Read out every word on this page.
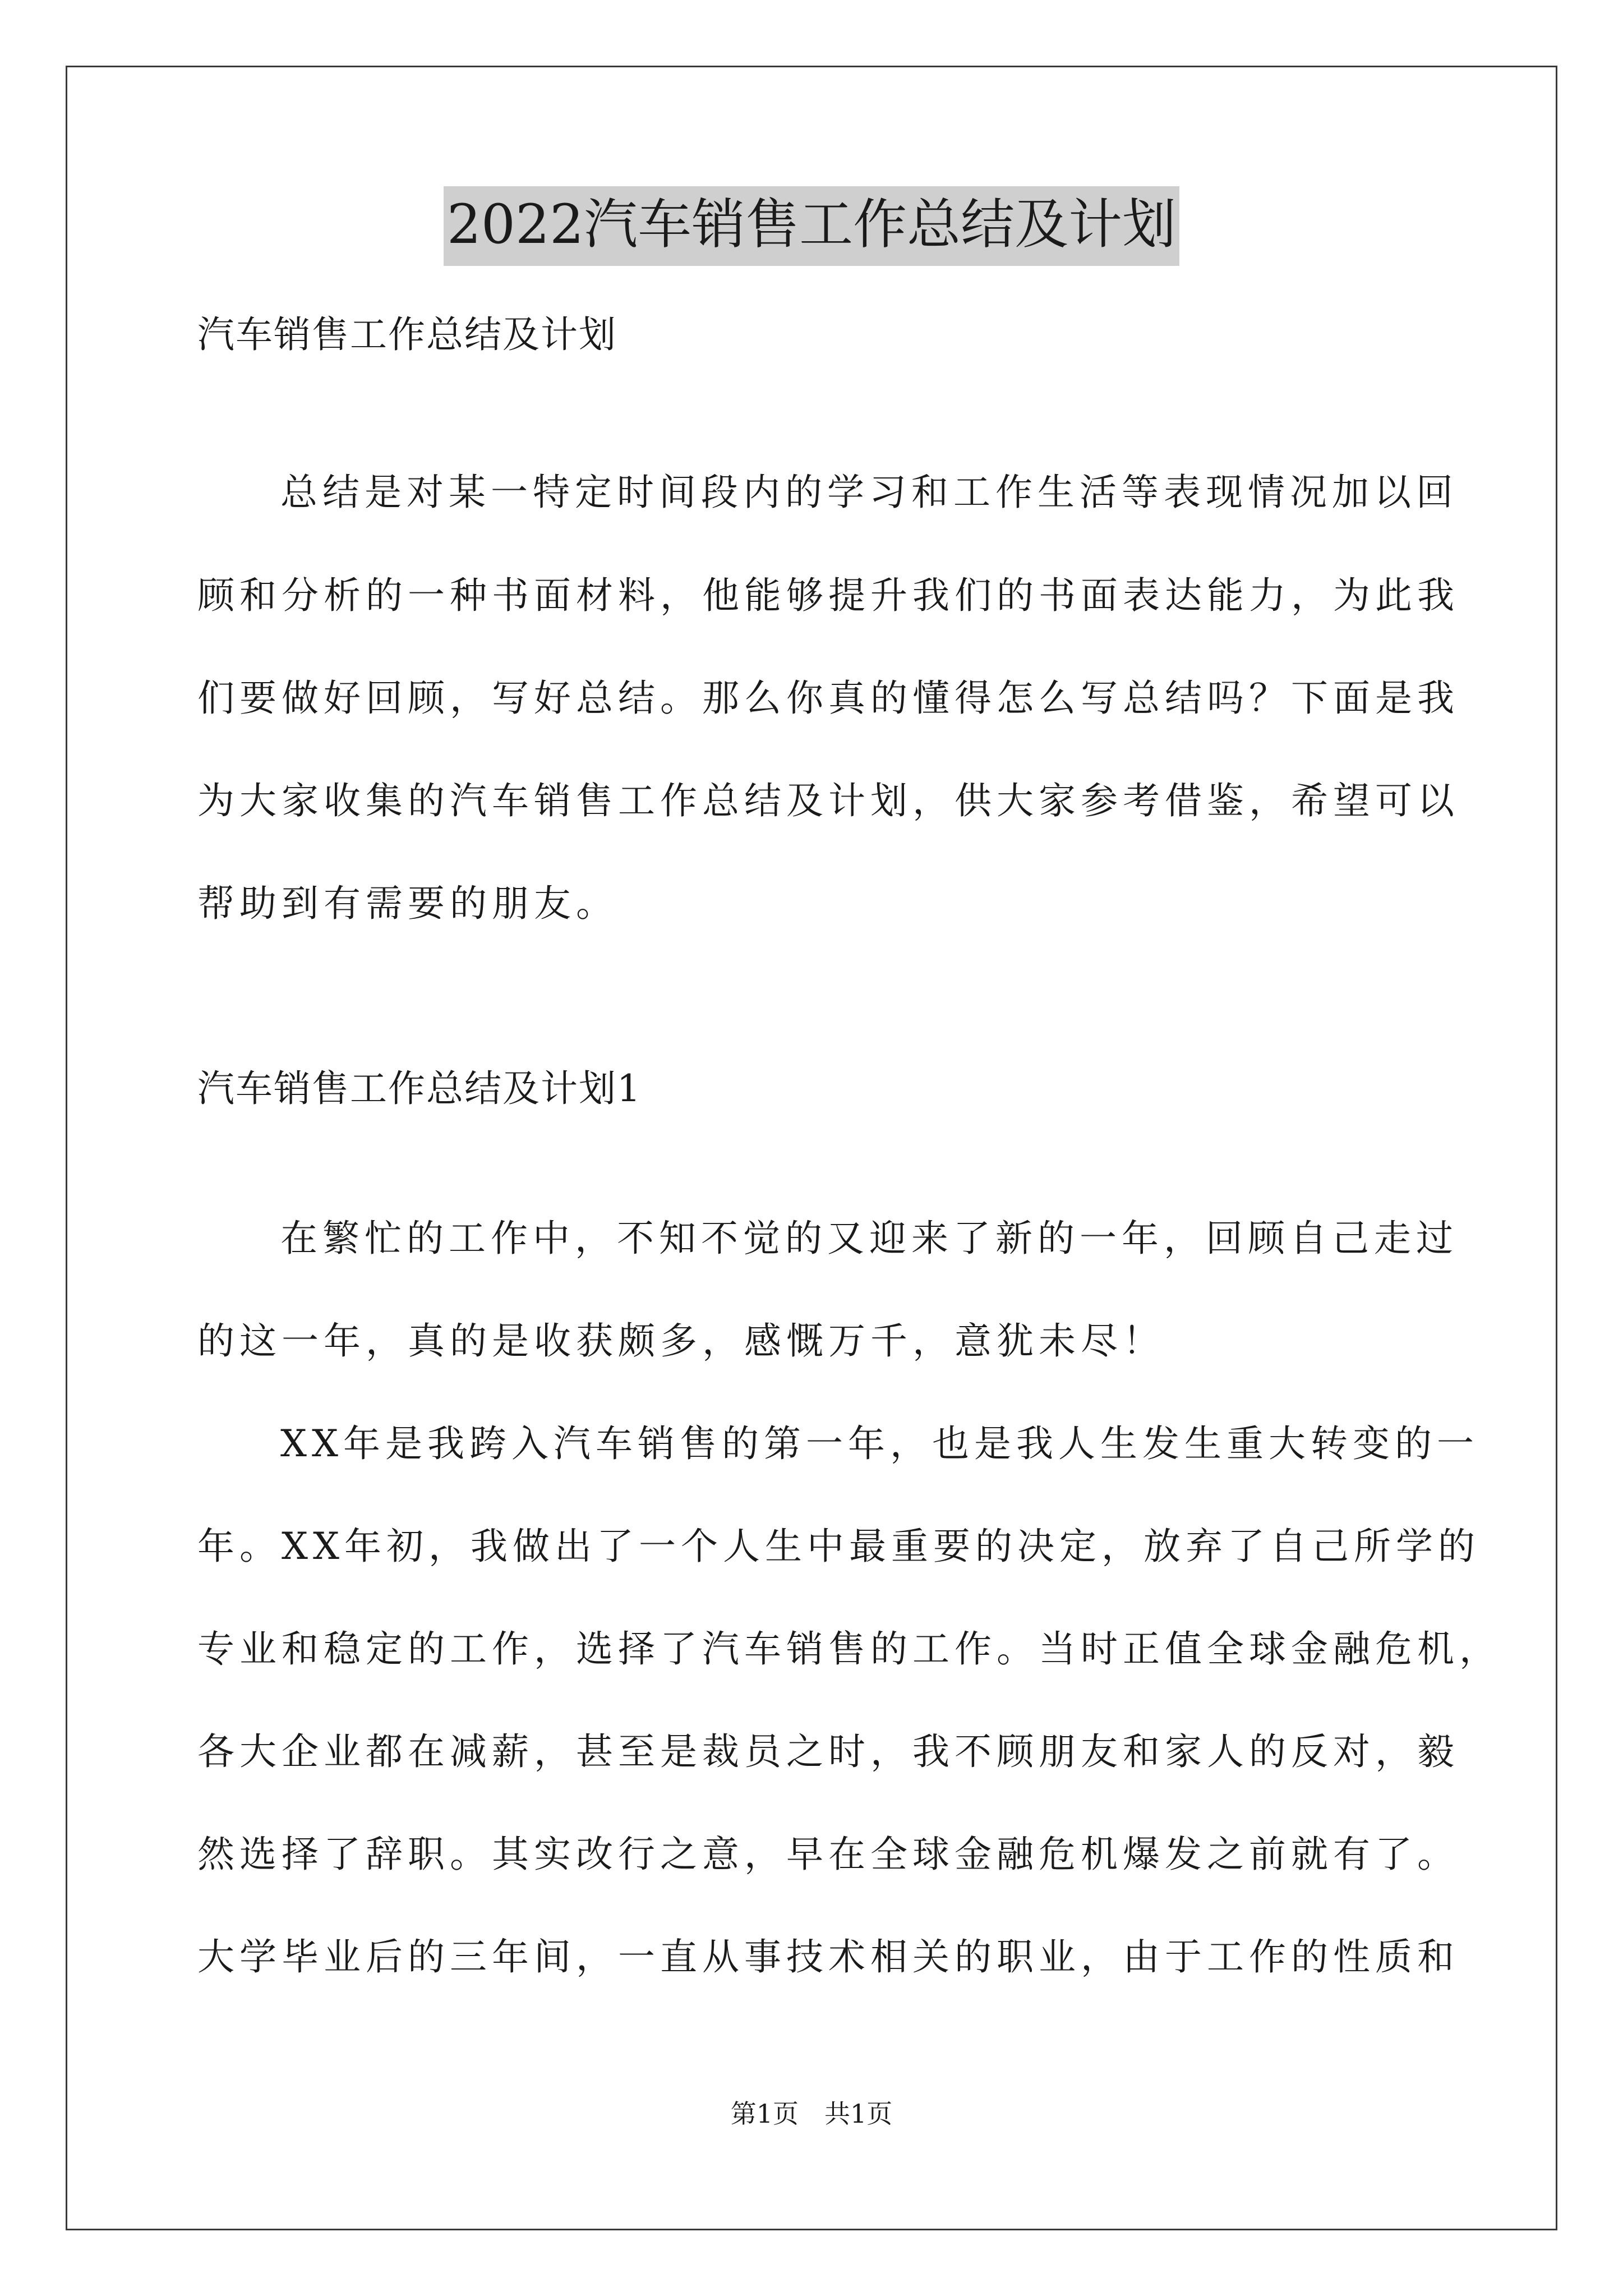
2022汽车销售工作总结及计划
汽车销售工作总结及计划
总结是对某一特定时间段内的学习和工作生活等表现情况加以回
顾和分析的一种书面材料，他能够提升我们的书面表达能力，为此我
们要做好回顾，写好总结。那么你真的懂得怎么写总结吗？下面是我
为大家收集的汽车销售工作总结及计划，供大家参考借鉴，希望可以
帮助到有需要的朋友。
汽车销售工作总结及计划1
在繁忙的工作中，不知不觉的又迎来了新的一年，回顾自己走过
的这一年，真的是收获颇多，感慨万千，意犹未尽！
XX年是我跨入汽车销售的第一年，也是我人生发生重大转变的一
年。XX年初，我做出了一个人生中最重要的决定，放弃了自己所学的
专业和稳定的工作，选择了汽车销售的工作。当时正值全球金融危机，
各大企业都在减薪，甚至是裁员之时，我不顾朋友和家人的反对，毅
然选择了辞职。其实改行之意，早在全球金融危机爆发之前就有了。
大学毕业后的三年间，一直从事技术相关的职业，由于工作的性质和
第1页　共1页
